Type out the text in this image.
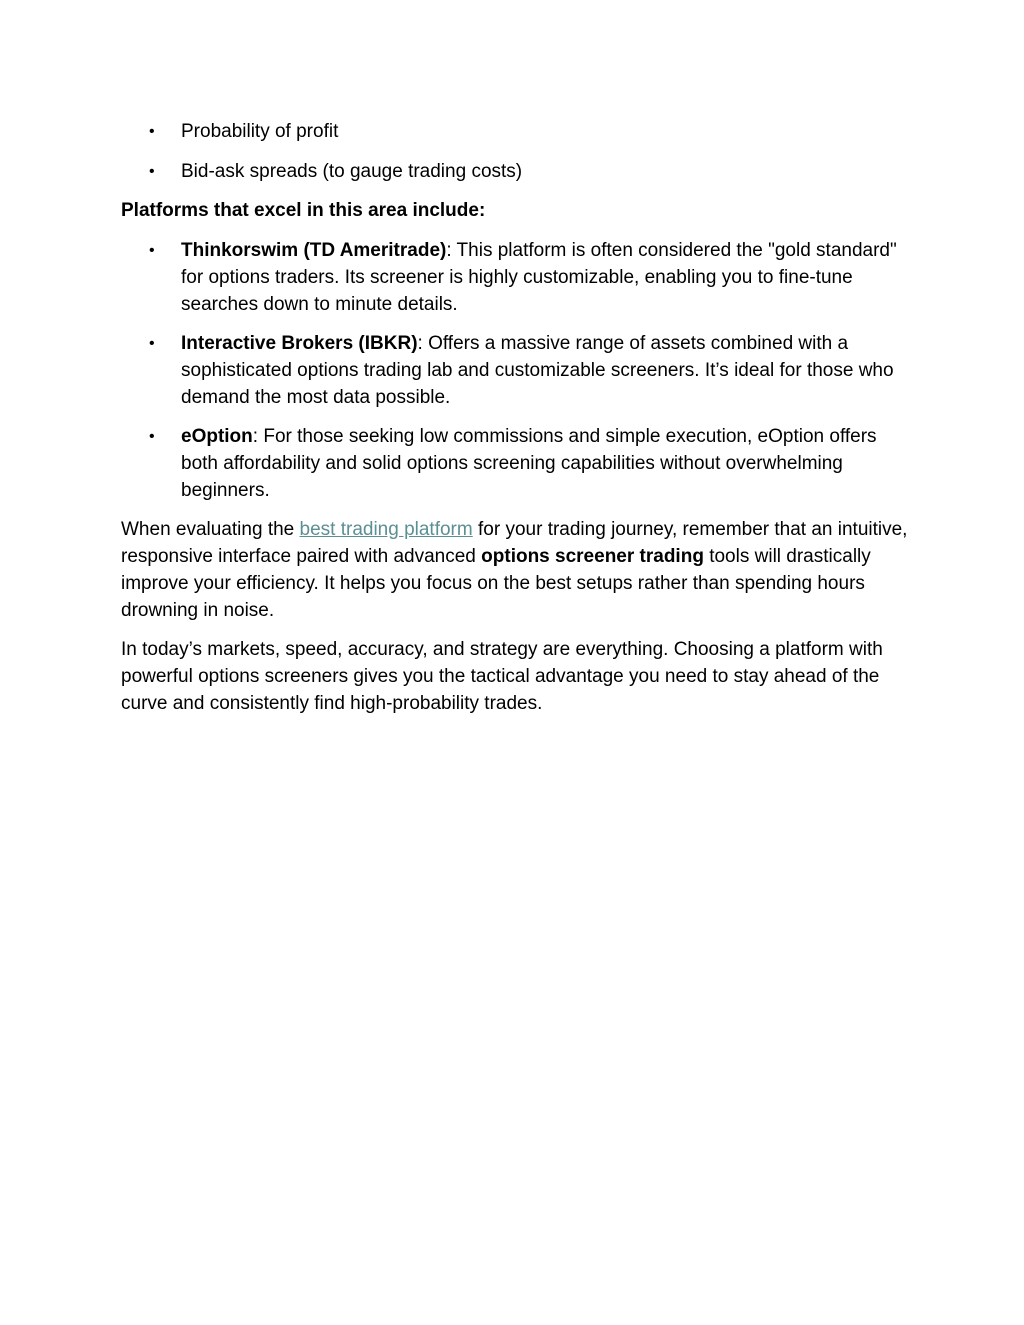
• Probability of profit
• Bid-ask spreads (to gauge trading costs)

Platforms that excel in this area include:

• Thinkorswim (TD Ameritrade): This platform is often considered the "gold standard" for options traders. Its screener is highly customizable, enabling you to fine-tune searches down to minute details.
• Interactive Brokers (IBKR): Offers a massive range of assets combined with a sophisticated options trading lab and customizable screeners. It’s ideal for those who demand the most data possible.
• eOption: For those seeking low commissions and simple execution, eOption offers both affordability and solid options screening capabilities without overwhelming beginners.

When evaluating the best trading platform for your trading journey, remember that an intuitive, responsive interface paired with advanced options screener trading tools will drastically improve your efficiency. It helps you focus on the best setups rather than spending hours drowning in noise.

In today’s markets, speed, accuracy, and strategy are everything. Choosing a platform with powerful options screeners gives you the tactical advantage you need to stay ahead of the curve and consistently find high-probability trades.
